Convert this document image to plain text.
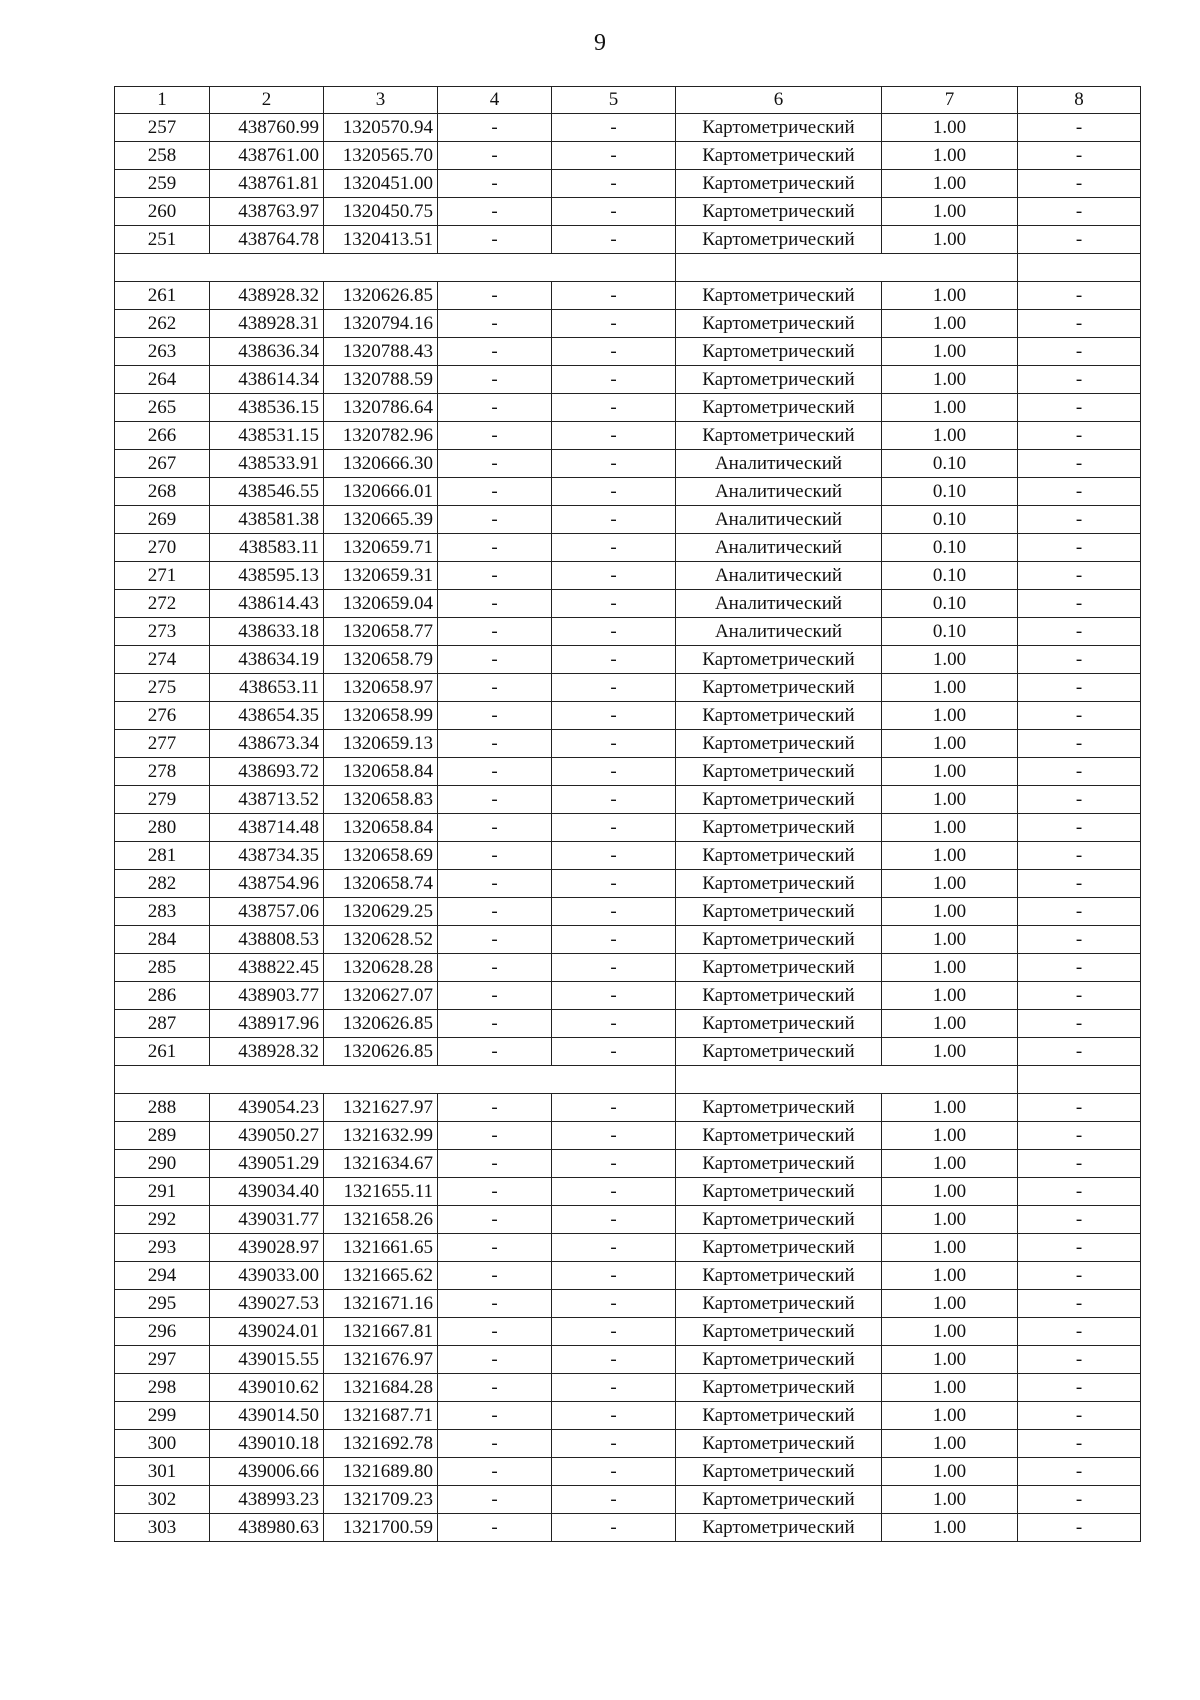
9
1	2	3	4	5	6	7	8
257	438760.99	1320570.94	-	-	Картометрический	1.00	-
258	438761.00	1320565.70	-	-	Картометрический	1.00	-
259	438761.81	1320451.00	-	-	Картометрический	1.00	-
260	438763.97	1320450.75	-	-	Картометрический	1.00	-
251	438764.78	1320413.51	-	-	Картометрический	1.00	-

261	438928.32	1320626.85	-	-	Картометрический	1.00	-
262	438928.31	1320794.16	-	-	Картометрический	1.00	-
263	438636.34	1320788.43	-	-	Картометрический	1.00	-
264	438614.34	1320788.59	-	-	Картометрический	1.00	-
265	438536.15	1320786.64	-	-	Картометрический	1.00	-
266	438531.15	1320782.96	-	-	Картометрический	1.00	-
267	438533.91	1320666.30	-	-	Аналитический	0.10	-
268	438546.55	1320666.01	-	-	Аналитический	0.10	-
269	438581.38	1320665.39	-	-	Аналитический	0.10	-
270	438583.11	1320659.71	-	-	Аналитический	0.10	-
271	438595.13	1320659.31	-	-	Аналитический	0.10	-
272	438614.43	1320659.04	-	-	Аналитический	0.10	-
273	438633.18	1320658.77	-	-	Аналитический	0.10	-
274	438634.19	1320658.79	-	-	Картометрический	1.00	-
275	438653.11	1320658.97	-	-	Картометрический	1.00	-
276	438654.35	1320658.99	-	-	Картометрический	1.00	-
277	438673.34	1320659.13	-	-	Картометрический	1.00	-
278	438693.72	1320658.84	-	-	Картометрический	1.00	-
279	438713.52	1320658.83	-	-	Картометрический	1.00	-
280	438714.48	1320658.84	-	-	Картометрический	1.00	-
281	438734.35	1320658.69	-	-	Картометрический	1.00	-
282	438754.96	1320658.74	-	-	Картометрический	1.00	-
283	438757.06	1320629.25	-	-	Картометрический	1.00	-
284	438808.53	1320628.52	-	-	Картометрический	1.00	-
285	438822.45	1320628.28	-	-	Картометрический	1.00	-
286	438903.77	1320627.07	-	-	Картометрический	1.00	-
287	438917.96	1320626.85	-	-	Картометрический	1.00	-
261	438928.32	1320626.85	-	-	Картометрический	1.00	-

288	439054.23	1321627.97	-	-	Картометрический	1.00	-
289	439050.27	1321632.99	-	-	Картометрический	1.00	-
290	439051.29	1321634.67	-	-	Картометрический	1.00	-
291	439034.40	1321655.11	-	-	Картометрический	1.00	-
292	439031.77	1321658.26	-	-	Картометрический	1.00	-
293	439028.97	1321661.65	-	-	Картометрический	1.00	-
294	439033.00	1321665.62	-	-	Картометрический	1.00	-
295	439027.53	1321671.16	-	-	Картометрический	1.00	-
296	439024.01	1321667.81	-	-	Картометрический	1.00	-
297	439015.55	1321676.97	-	-	Картометрический	1.00	-
298	439010.62	1321684.28	-	-	Картометрический	1.00	-
299	439014.50	1321687.71	-	-	Картометрический	1.00	-
300	439010.18	1321692.78	-	-	Картометрический	1.00	-
301	439006.66	1321689.80	-	-	Картометрический	1.00	-
302	438993.23	1321709.23	-	-	Картометрический	1.00	-
303	438980.63	1321700.59	-	-	Картометрический	1.00	-
